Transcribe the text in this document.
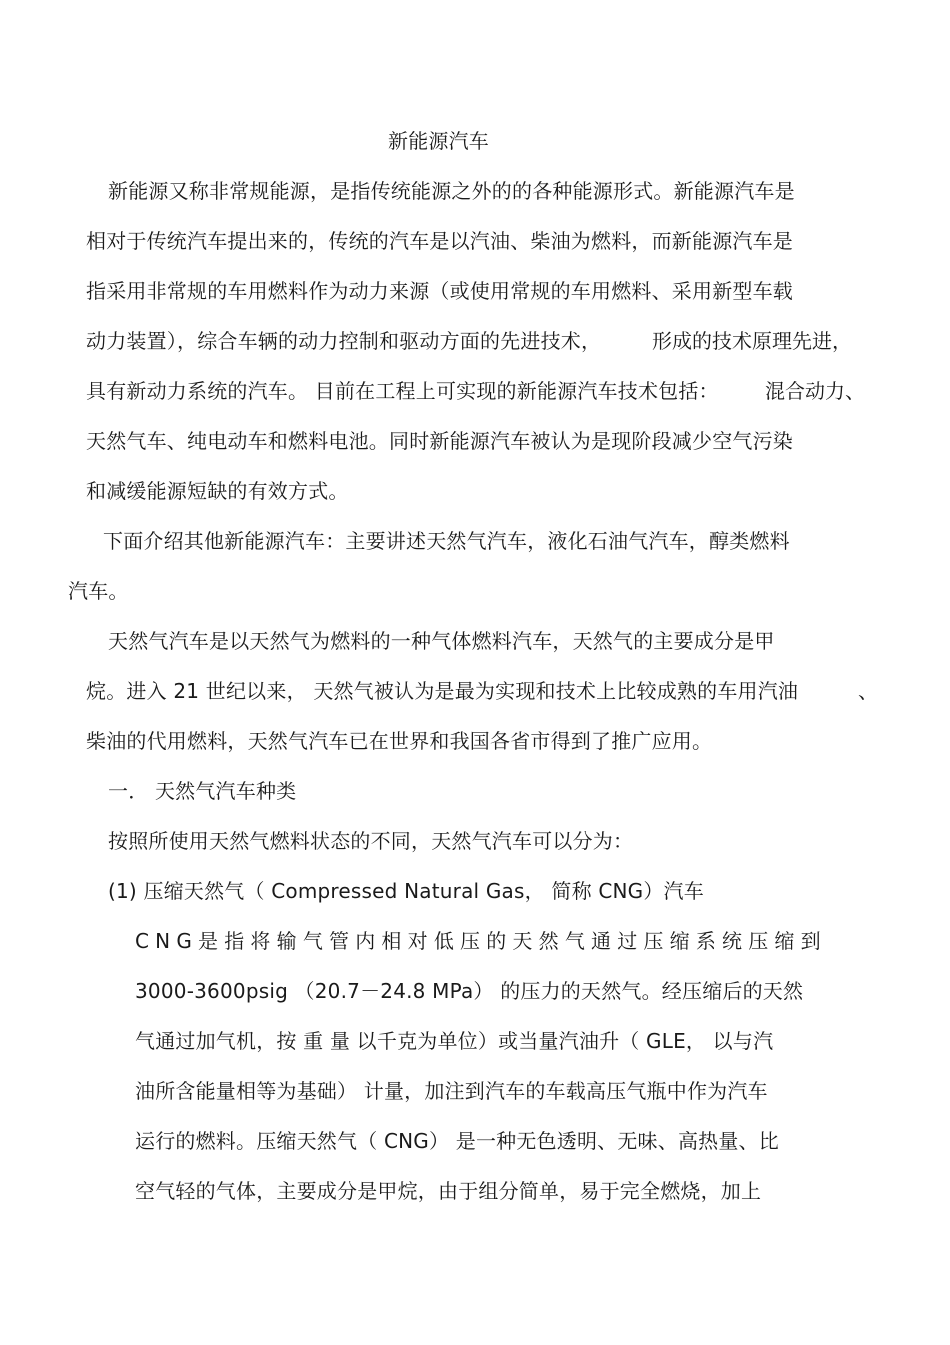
新能源汽车
新能源又称非常规能源，是指传统能源之外的的各种能源形式。新能源汽车是
相对于传统汽车提出来的，传统的汽车是以汽油、柴油为燃料，而新能源汽车是
指采用非常规的车用燃料作为动力来源（或使用常规的车用燃料、采用新型车载
动力装置），综合车辆的动力控制和驱动方面的先进技术，	形成的技术原理先进，
具有新动力系统的汽车。 目前在工程上可实现的新能源汽车技术包括： 混合动力、
天然气车、纯电动车和燃料电池。同时新能源汽车被认为是现阶段减少空气污染
和减缓能源短缺的有效方式。
下面介绍其他新能源汽车：主要讲述天然气汽车，液化石油气汽车，醇类燃料
汽车。
天然气汽车是以天然气为燃料的一种气体燃料汽车，天然气的主要成分是甲
烷。进入 21 世纪以来， 天然气被认为是最为实现和技术上比较成熟的车用汽油	、
柴油的代用燃料，天然气汽车已在世界和我国各省市得到了推广应用。
一． 天然气汽车种类
按照所使用天然气燃料状态的不同，天然气汽车可以分为：
(1) 压缩天然气（ Compressed Natural Gas， 简称 CNG）汽车
CNG是指将输气管内相对低压的天然气通过压缩系统压缩到
3000-3600psig （20.7－24.8 MPa） 的压力的天然气。经压缩后的天然
气通过加气机，按 重 量 以千克为单位）或当量汽油升（ GLE， 以与汽
油所含能量相等为基础） 计量，加注到汽车的车载高压气瓶中作为汽车
运行的燃料。压缩天然气（ CNG） 是一种无色透明、无味、高热量、比
空气轻的气体，主要成分是甲烷，由于组分简单，易于完全燃烧，加上
